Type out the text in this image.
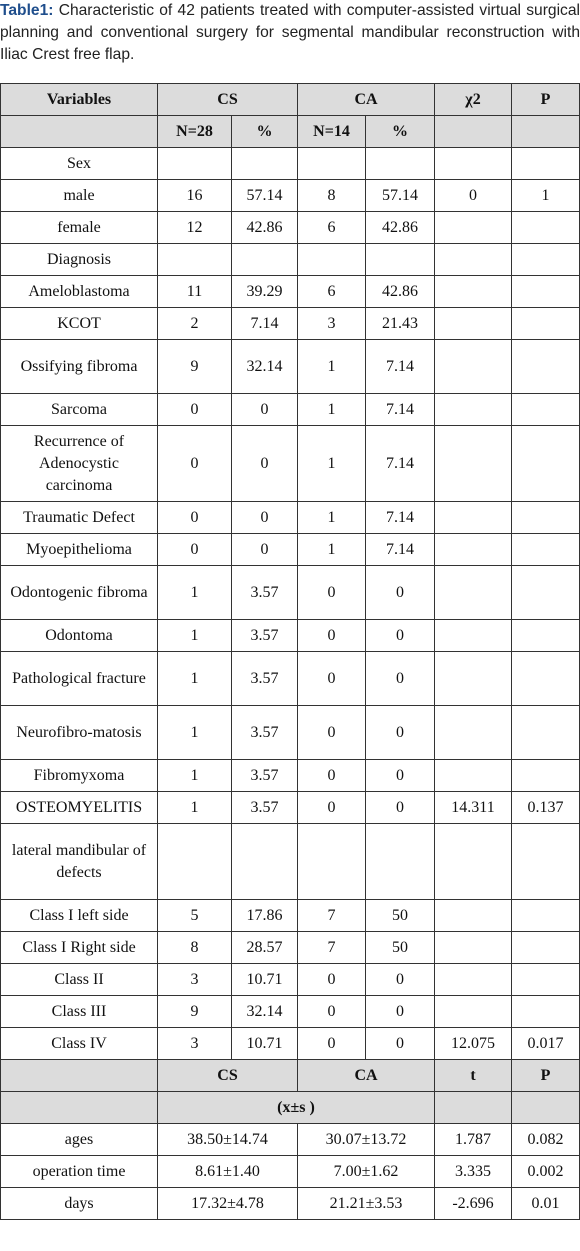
Table1: Characteristic of 42 patients treated with computer-assisted virtual surgical planning and conventional surgery for segmental mandibular reconstruction with Iliac Crest free flap.
Variables	CS		CA		χ2	P
	N=28	%	N=14	%		
Sex						
male	16	57.14	8	57.14	0	1
female	12	42.86	6	42.86		
Diagnosis						
Ameloblastoma	11	39.29	6	42.86		
KCOT	2	7.14	3	21.43		
Ossifying fibroma	9	32.14	1	7.14		
Sarcoma	0	0	1	7.14		
Recurrence of Adenocystic carcinoma	0	0	1	7.14		
Traumatic Defect	0	0	1	7.14		
Myoepithelioma	0	0	1	7.14		
Odontogenic fibroma	1	3.57	0	0		
Odontoma	1	3.57	0	0		
Pathological fracture	1	3.57	0	0		
Neurofibro-matosis	1	3.57	0	0		
Fibromyxoma	1	3.57	0	0		
OSTEOMYELITIS	1	3.57	0	0	14.311	0.137
lateral mandibular of defects						
Class I left side	5	17.86	7	50		
Class I Right side	8	28.57	7	50		
Class II	3	10.71	0	0		
Class III	9	32.14	0	0		
Class IV	3	10.71	0	0	12.075	0.017
	CS		CA		t	P
	(x±s )					
ages	38.50±14.74		30.07±13.72		1.787	0.082
operation time	8.61±1.40		7.00±1.62		3.335	0.002
days	17.32±4.78		21.21±3.53		-2.696	0.01
